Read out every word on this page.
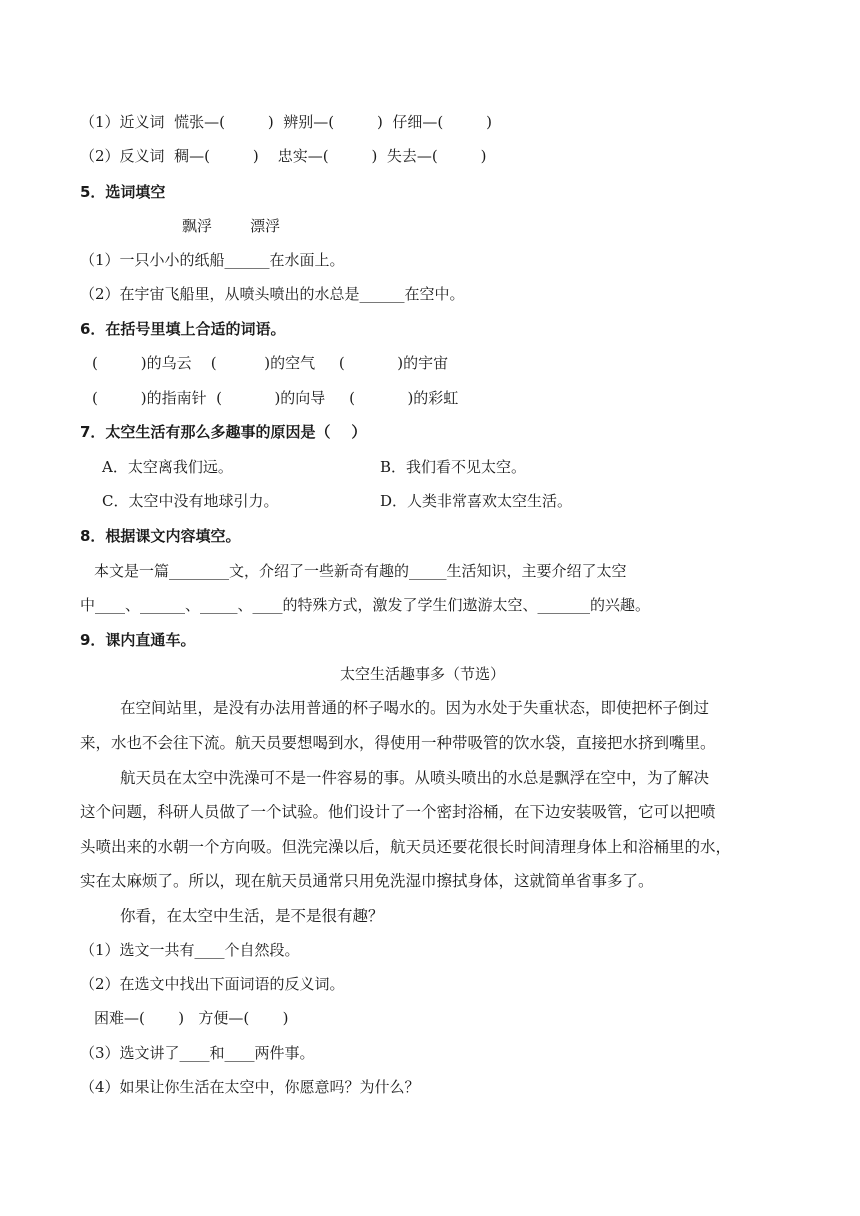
（1）近义词  慌张—(         )  辨别—(         )  仔细—(         )
（2）反义词  稠—(         )    忠实—(         )  失去—(         )
5．选词填空
飘浮        漂浮
（1）一只小小的纸船______在水面上。
（2）在宇宙飞船里，从喷头喷出的水总是______在空中。
6．在括号里填上合适的词语。
(         )的乌云    (          )的空气     (           )的宇宙
(         )的指南针  (           )的向导     (           )的彩虹
7．太空生活有那么多趣事的原因是（    ）
A．太空离我们远。	B．我们看不见太空。
C．太空中没有地球引力。	D．人类非常喜欢太空生活。
8．根据课文内容填空。
本文是一篇________文，介绍了一些新奇有趣的_____生活知识，主要介绍了太空
中____、______、_____、____的特殊方式，激发了学生们遨游太空、_______的兴趣。
9．课内直通车。
太空生活趣事多（节选）
在空间站里，是没有办法用普通的杯子喝水的。因为水处于失重状态，即使把杯子倒过
来，水也不会往下流。航天员要想喝到水，得使用一种带吸管的饮水袋，直接把水挤到嘴里。
航天员在太空中洗澡可不是一件容易的事。从喷头喷出的水总是飘浮在空中，为了解决
这个问题，科研人员做了一个试验。他们设计了一个密封浴桶，在下边安装吸管，它可以把喷
头喷出来的水朝一个方向吸。但洗完澡以后，航天员还要花很长时间清理身体上和浴桶里的水，
实在太麻烦了。所以，现在航天员通常只用免洗湿巾擦拭身体，这就简单省事多了。
你看，在太空中生活，是不是很有趣？
（1）选文一共有____个自然段。
（2）在选文中找出下面词语的反义词。
困难—(       )   方便—(       )
（3）选文讲了____和____两件事。
（4）如果让你生活在太空中，你愿意吗？为什么？
